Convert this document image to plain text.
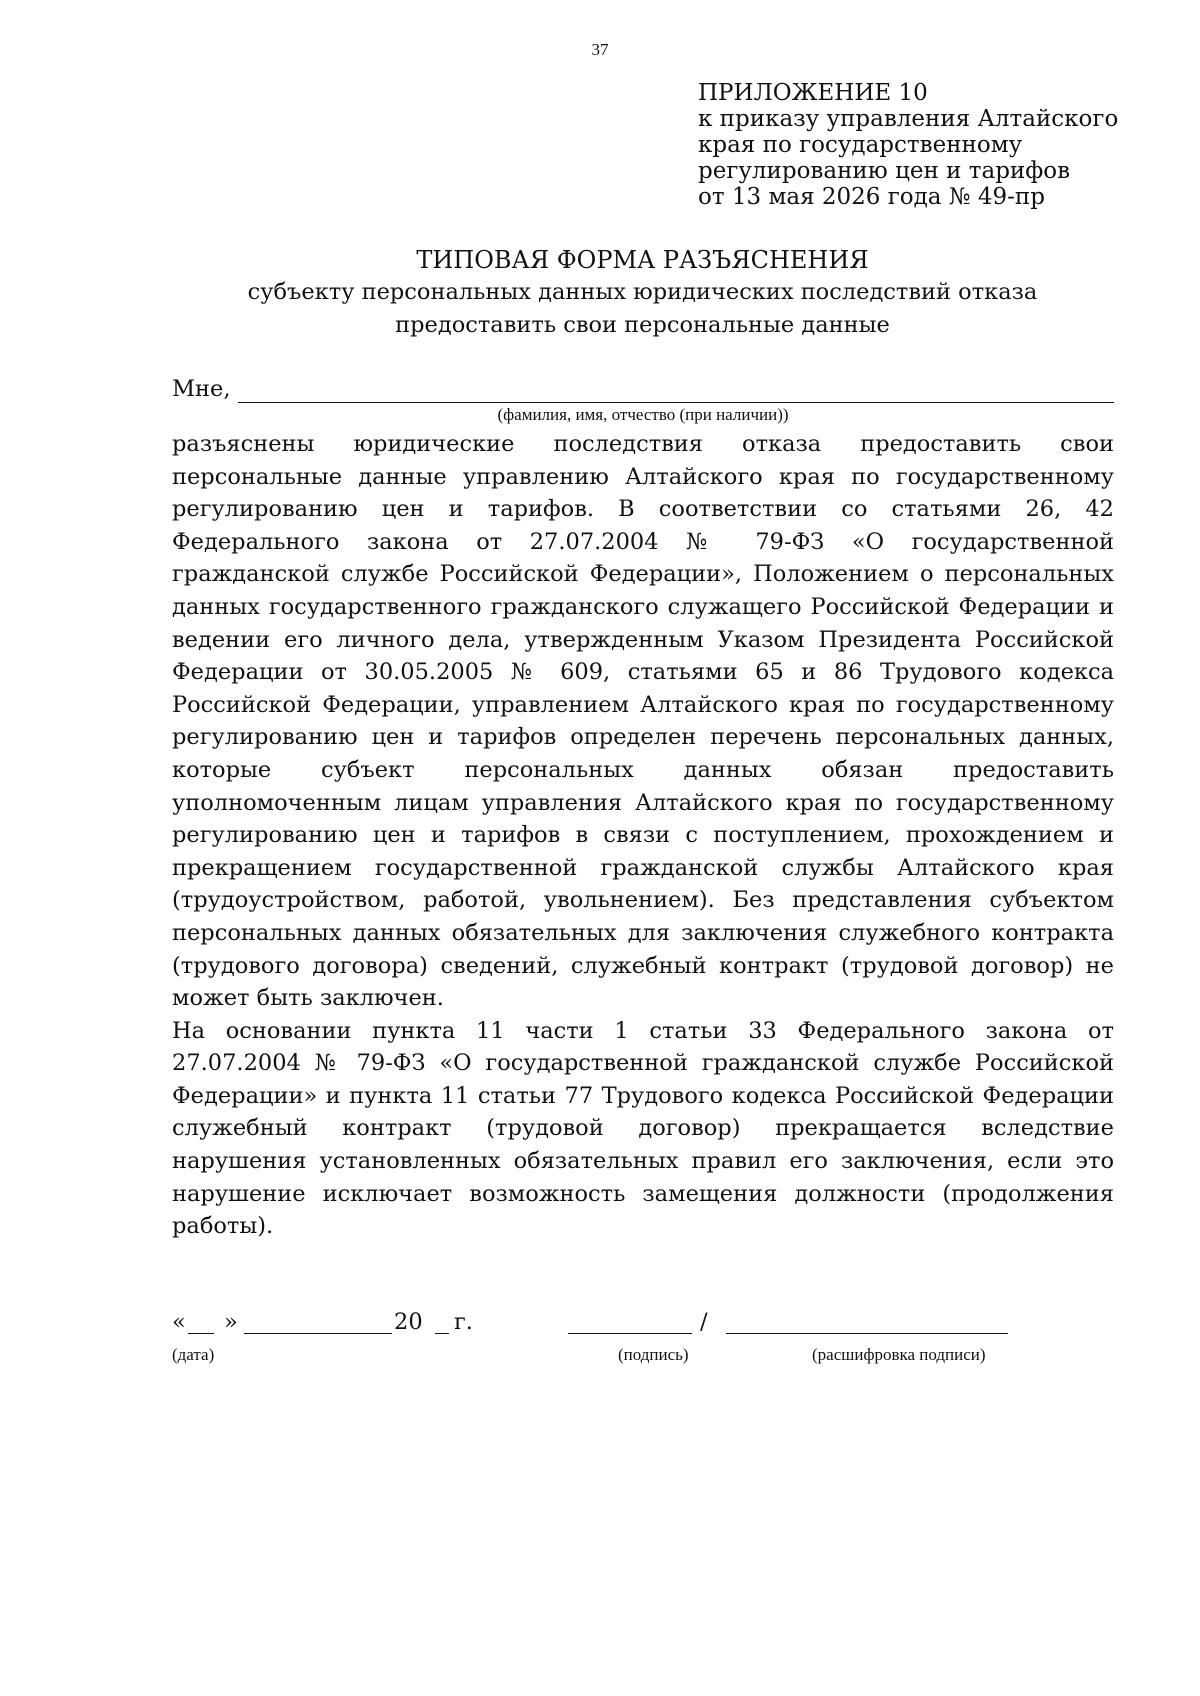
37
ПРИЛОЖЕНИЕ 10
к приказу управления Алтайского
края по государственному
регулированию цен и тарифов
от 13 мая 2026 года № 49-пр
ТИПОВАЯ ФОРМА РАЗЪЯСНЕНИЯ
субъекту персональных данных юридических последствий отказа
предоставить свои персональные данные
Мне,
(фамилия, имя, отчество (при наличии))

разъяснены юридические последствия отказа предоставить свои персональные данные управлению Алтайского края по государственному регулированию цен и тарифов. В соответствии со статьями 26, 42 Федерального закона от 27.07.2004 № 79-ФЗ «О государственной гражданской службе Российской Федерации», Положением о персональных данных государственного гражданского служащего Российской Федерации и ведении его личного дела, утвержденным Указом Президента Российской Федерации от 30.05.2005 № 609, статьями 65 и 86 Трудового кодекса Российской Федерации, управлением Алтайского края по государственному регулированию цен и тарифов определен перечень персональных данных, которые субъект персональных данных обязан предоставить уполномоченным лицам управления Алтайского края по государственному регулированию цен и тарифов в связи с поступлением, прохождением и прекращением государственной гражданской службы Алтайского края (трудоустройством, работой, увольнением). Без представления субъектом персональных данных обязательных для заключения служебного контракта (трудового договора) сведений, служебный контракт (трудовой договор) не может быть заключен.

На основании пункта 11 части 1 статьи 33 Федерального закона от 27.07.2004 № 79-ФЗ «О государственной гражданской службе Российской Федерации» и пункта 11 статьи 77 Трудового кодекса Российской Федерации служебный контракт (трудовой договор) прекращается вследствие нарушения установленных обязательных правил его заключения, если это нарушение исключает возможность замещения должности (продолжения работы).

« »	20 г.	/
(дата)	(подпись)	(расшифровка подписи)
